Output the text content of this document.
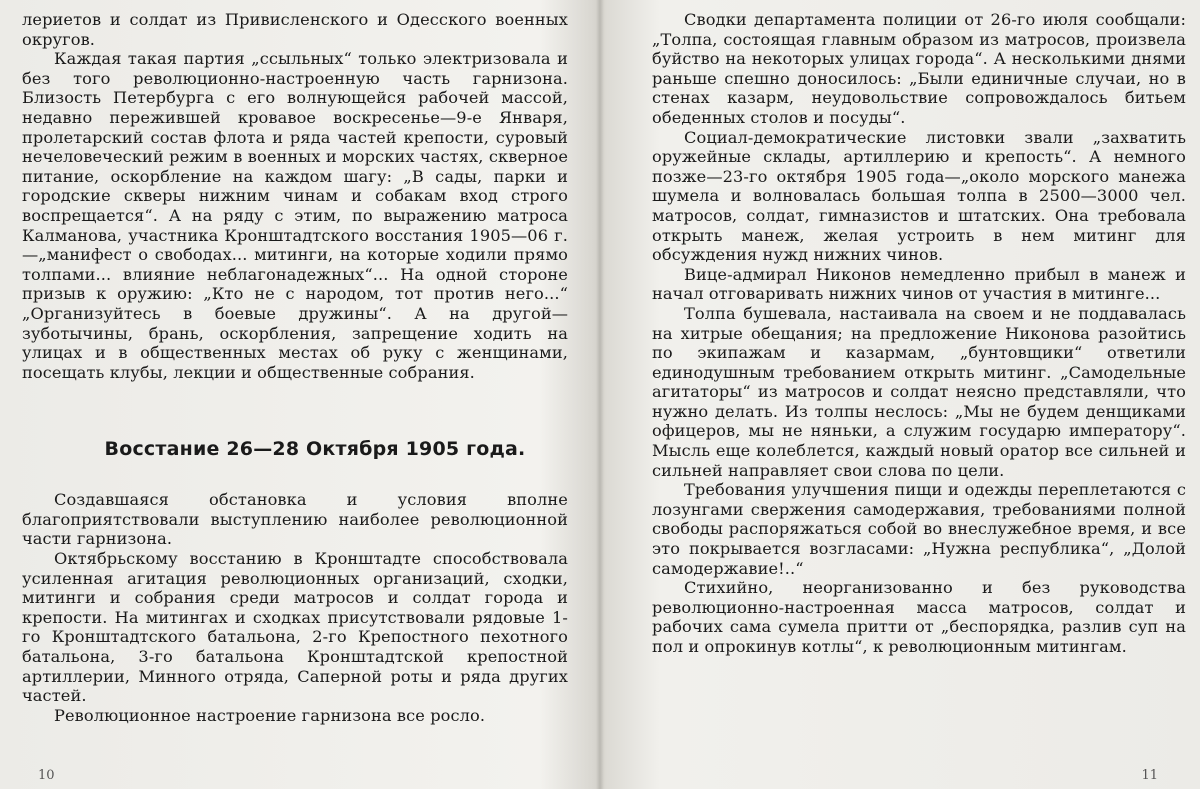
лериетов и солдат из Привисленского и Одесского военных округов.

Каждая такая партия „ссыльных“ только электризовала и без того революционно-настроенную часть гарнизона. Близость Петербурга с его волнующейся рабочей массой, недавно пережившей кровавое воскресенье—9-е Января, пролетарский состав флота и ряда частей крепости, суровый нечеловеческий режим в военных и морских частях, скверное питание, оскорбление на каждом шагу: „В сады, парки и городские скверы нижним чинам и собакам вход строго воспрещается“. А на ряду с этим, по выражению матроса Калманова, участника Кронштадтского восстания 1905—06 г.—„манифест о свободах... митинги, на которые ходили прямо толпами... влияние неблагонадежных“... На одной стороне призыв к оружию: „Кто не с народом, тот против него...“ „Организуйтесь в боевые дружины“. А на другой—зуботычины, брань, оскорбления, запрещение ходить на улицах и в общественных местах об руку с женщинами, посещать клубы, лекции и общественные собрания.

Восстание 26—28 Октября 1905 года.

Создавшаяся обстановка и условия вполне благоприятствовали выступлению наиболее революционной части гарнизона.

Октябрьскому восстанию в Кронштадте способствовала усиленная агитация революционных организаций, сходки, митинги и собрания среди матросов и солдат города и крепости. На митингах и сходках присутствовали рядовые 1-го Кронштадтского батальона, 2-го Крепостного пехотного батальона, 3-го батальона Кронштадтской крепостной артиллерии, Минного отряда, Саперной роты и ряда других частей.

Революционное настроение гарнизона все росло.

10

Сводки департамента полиции от 26-го июля сообщали: „Толпа, состоящая главным образом из матросов, произвела буйство на некоторых улицах города“. А несколькими днями раньше спешно доносилось: „Были единичные случаи, но в стенах казарм, неудовольствие сопровождалось битьем обеденных столов и посуды“.

Социал-демократические листовки звали „захватить оружейные склады, артиллерию и крепость“. А немного позже—23-го октября 1905 года—„около морского манежа шумела и волновалась большая толпа в 2500—3000 чел. матросов, солдат, гимназистов и штатских. Она требовала открыть манеж, желая устроить в нем митинг для обсуждения нужд нижних чинов.

Вице-адмирал Никонов немедленно прибыл в манеж и начал отговаривать нижних чинов от участия в митинге...

Толпа бушевала, настаивала на своем и не поддавалась на хитрые обещания; на предложение Никонова разойтись по экипажам и казармам, „бунтовщики“ ответили единодушным требованием открыть митинг. „Самодельные агитаторы“ из матросов и солдат неясно представляли, что нужно делать. Из толпы неслось: „Мы не будем денщиками офицеров, мы не няньки, а служим государю императору“. Мысль еще колеблется, каждый новый оратор все сильней и сильней направляет свои слова по цели.

Требования улучшения пищи и одежды переплетаются с лозунгами свержения самодержавия, требованиями полной свободы распоряжаться собой во внеслужебное время, и все это покрывается возгласами: „Нужна республика“, „Долой самодержавие!..“

Стихийно, неорганизованно и без руководства революционно-настроенная масса матросов, солдат и рабочих сама сумела притти от „беспорядка, разлив суп на пол и опрокинув котлы“, к революционным митингам.

11
